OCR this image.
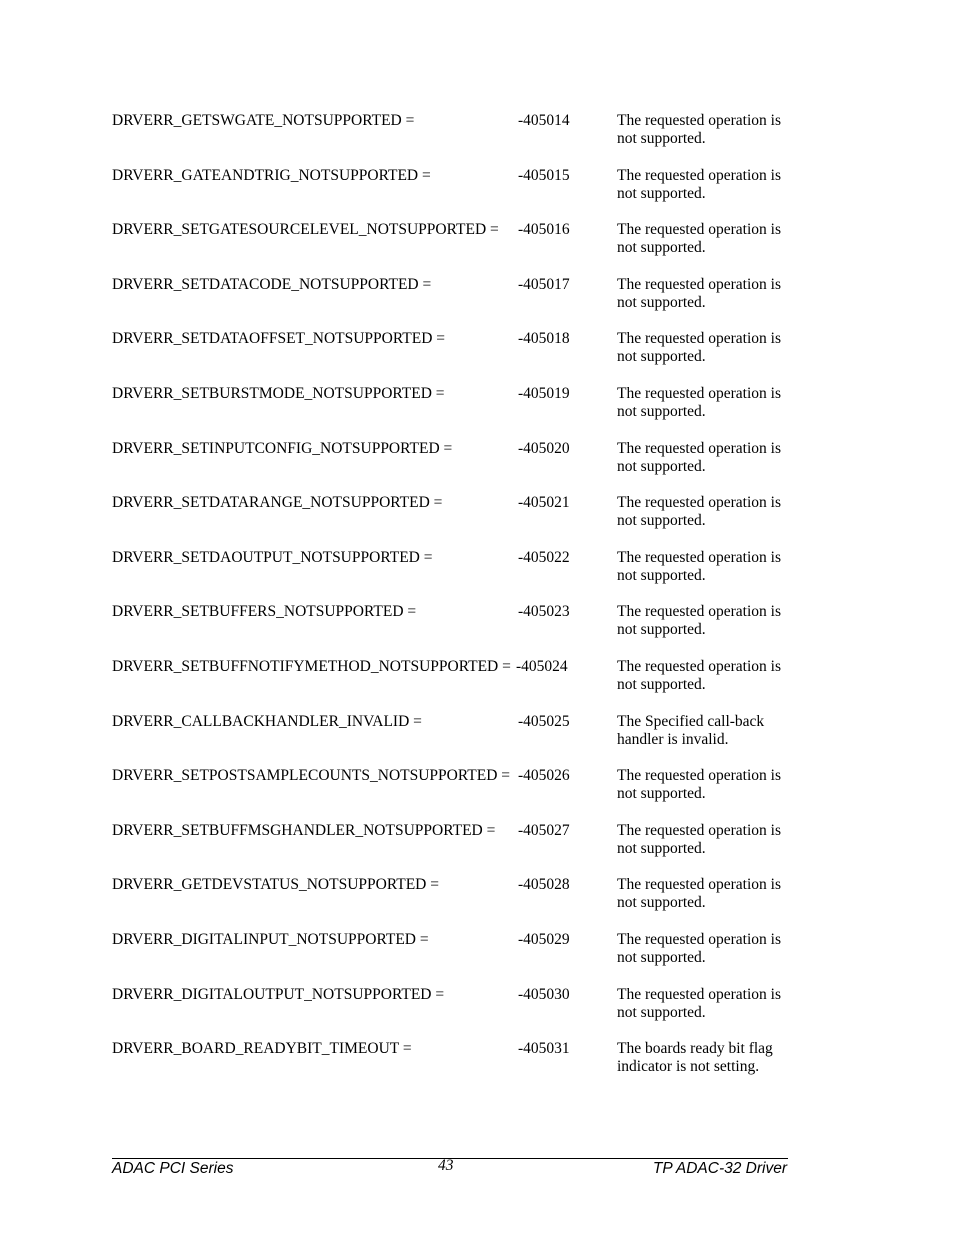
DRVERR_GETSWGATE_NOTSUPPORTED =	-405014	The requested operation is not supported.
DRVERR_GATEANDTRIG_NOTSUPPORTED =	-405015	The requested operation is not supported.
DRVERR_SETGATESOURCELEVEL_NOTSUPPORTED = -405016	The requested operation is not supported.
DRVERR_SETDATACODE_NOTSUPPORTED =	-405017	The requested operation is not supported.
DRVERR_SETDATAOFFSET_NOTSUPPORTED =	-405018	The requested operation is not supported.
DRVERR_SETBURSTMODE_NOTSUPPORTED =	-405019	The requested operation is not supported.
DRVERR_SETINPUTCONFIG_NOTSUPPORTED =	-405020	The requested operation is not supported.
DRVERR_SETDATARANGE_NOTSUPPORTED =	-405021	The requested operation is not supported.
DRVERR_SETDAOUTPUT_NOTSUPPORTED =	-405022	The requested operation is not supported.
DRVERR_SETBUFFERS_NOTSUPPORTED =	-405023	The requested operation is not supported.
DRVERR_SETBUFFNOTIFYMETHOD_NOTSUPPORTED = -405024	The requested operation is not supported.
DRVERR_CALLBACKHANDLER_INVALID =	-405025	The Specified call-back handler is invalid.
DRVERR_SETPOSTSAMPLECOUNTS_NOTSUPPORTED = -405026	The requested operation is not supported.
DRVERR_SETBUFFMSGHANDLER_NOTSUPPORTED = -405027	The requested operation is not supported.
DRVERR_GETDEVSTATUS_NOTSUPPORTED =	-405028	The requested operation is not supported.
DRVERR_DIGITALINPUT_NOTSUPPORTED =	-405029	The requested operation is not supported.
DRVERR_DIGITALOUTPUT_NOTSUPPORTED =	-405030	The requested operation is not supported.
DRVERR_BOARD_READYBIT_TIMEOUT =	-405031	The boards ready bit flag indicator is not setting.
ADAC PCI Series	43	TP ADAC-32 Driver
